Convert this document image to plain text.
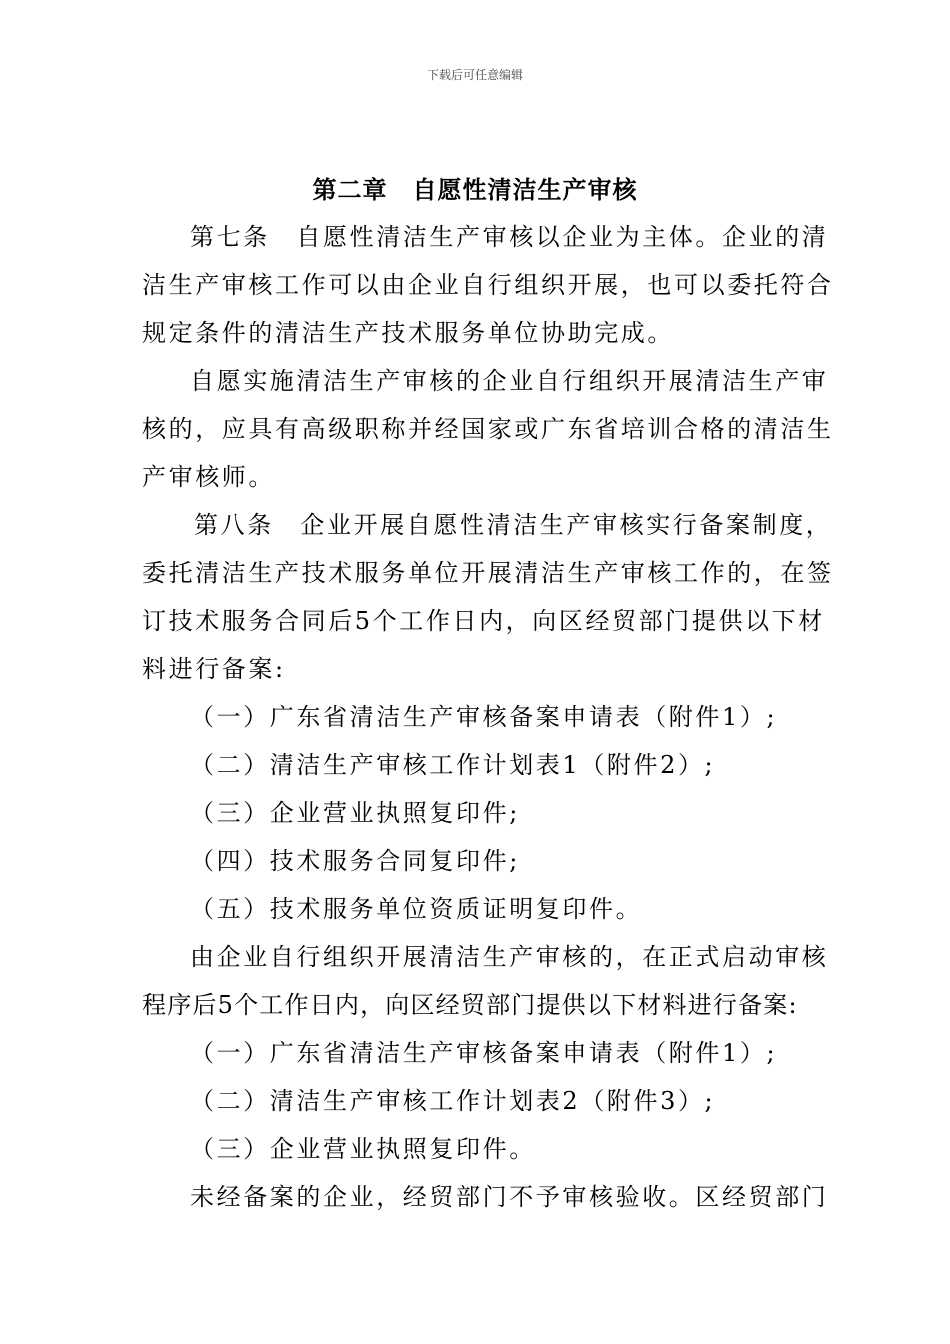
下载后可任意编辑
第二章　自愿性清洁生产审核
第七条　自愿性清洁生产审核以企业为主体。企业的清
洁生产审核工作可以由企业自行组织开展，也可以委托符合
规定条件的清洁生产技术服务单位协助完成。
自愿实施清洁生产审核的企业自行组织开展清洁生产审
核的，应具有高级职称并经国家或广东省培训合格的清洁生
产审核师。
第八条　企业开展自愿性清洁生产审核实行备案制度，
委托清洁生产技术服务单位开展清洁生产审核工作的，在签
订技术服务合同后5个工作日内，向区经贸部门提供以下材
料进行备案:
（一）广东省清洁生产审核备案申请表（附件1）;
（二）清洁生产审核工作计划表1（附件2）;
（三）企业营业执照复印件;
（四）技术服务合同复印件;
（五）技术服务单位资质证明复印件。
由企业自行组织开展清洁生产审核的，在正式启动审核
程序后5个工作日内，向区经贸部门提供以下材料进行备案:
（一）广东省清洁生产审核备案申请表（附件1）;
（二）清洁生产审核工作计划表2（附件3）;
（三）企业营业执照复印件。
未经备案的企业，经贸部门不予审核验收。区经贸部门
